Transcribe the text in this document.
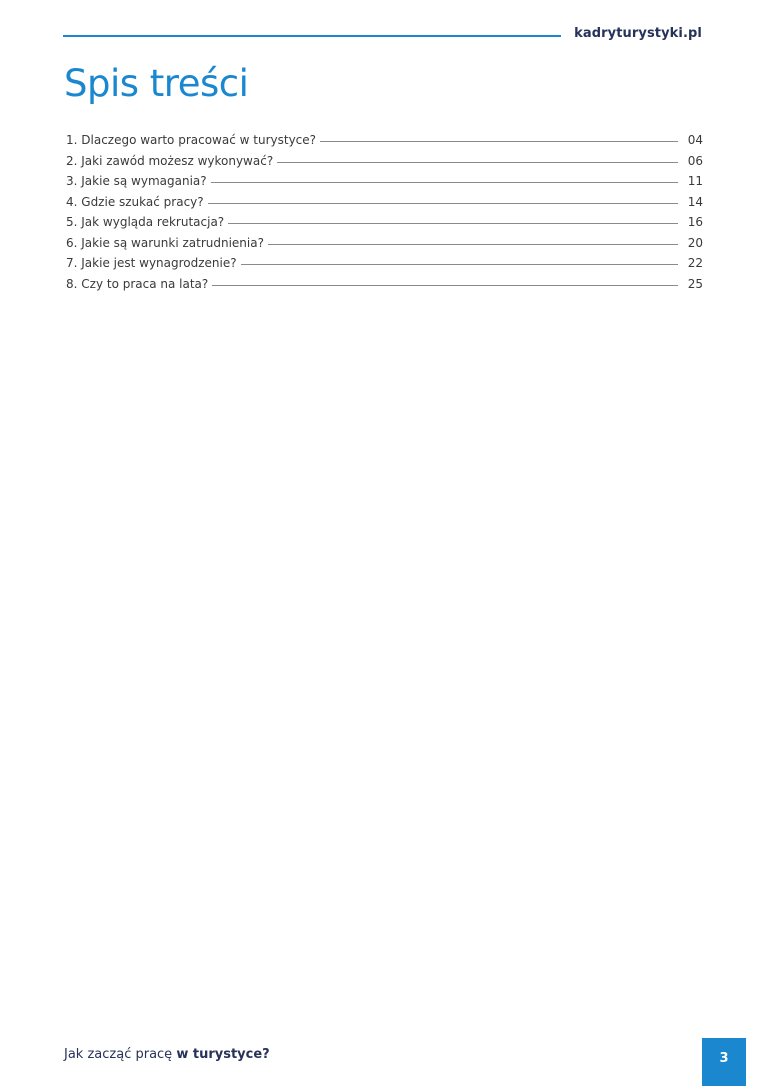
kadryturystyki.pl
Spis treści
1. Dlaczego warto pracować w turystyce?	04
2. Jaki zawód możesz wykonywać?	06
3. Jakie są wymagania?	11
4. Gdzie szukać pracy?	14
5. Jak wygląda rekrutacja?	16
6. Jakie są warunki zatrudnienia?	20
7. Jakie jest wynagrodzenie?	22
8. Czy to praca na lata?	25
Jak zacząć pracę w turystyce?	3
